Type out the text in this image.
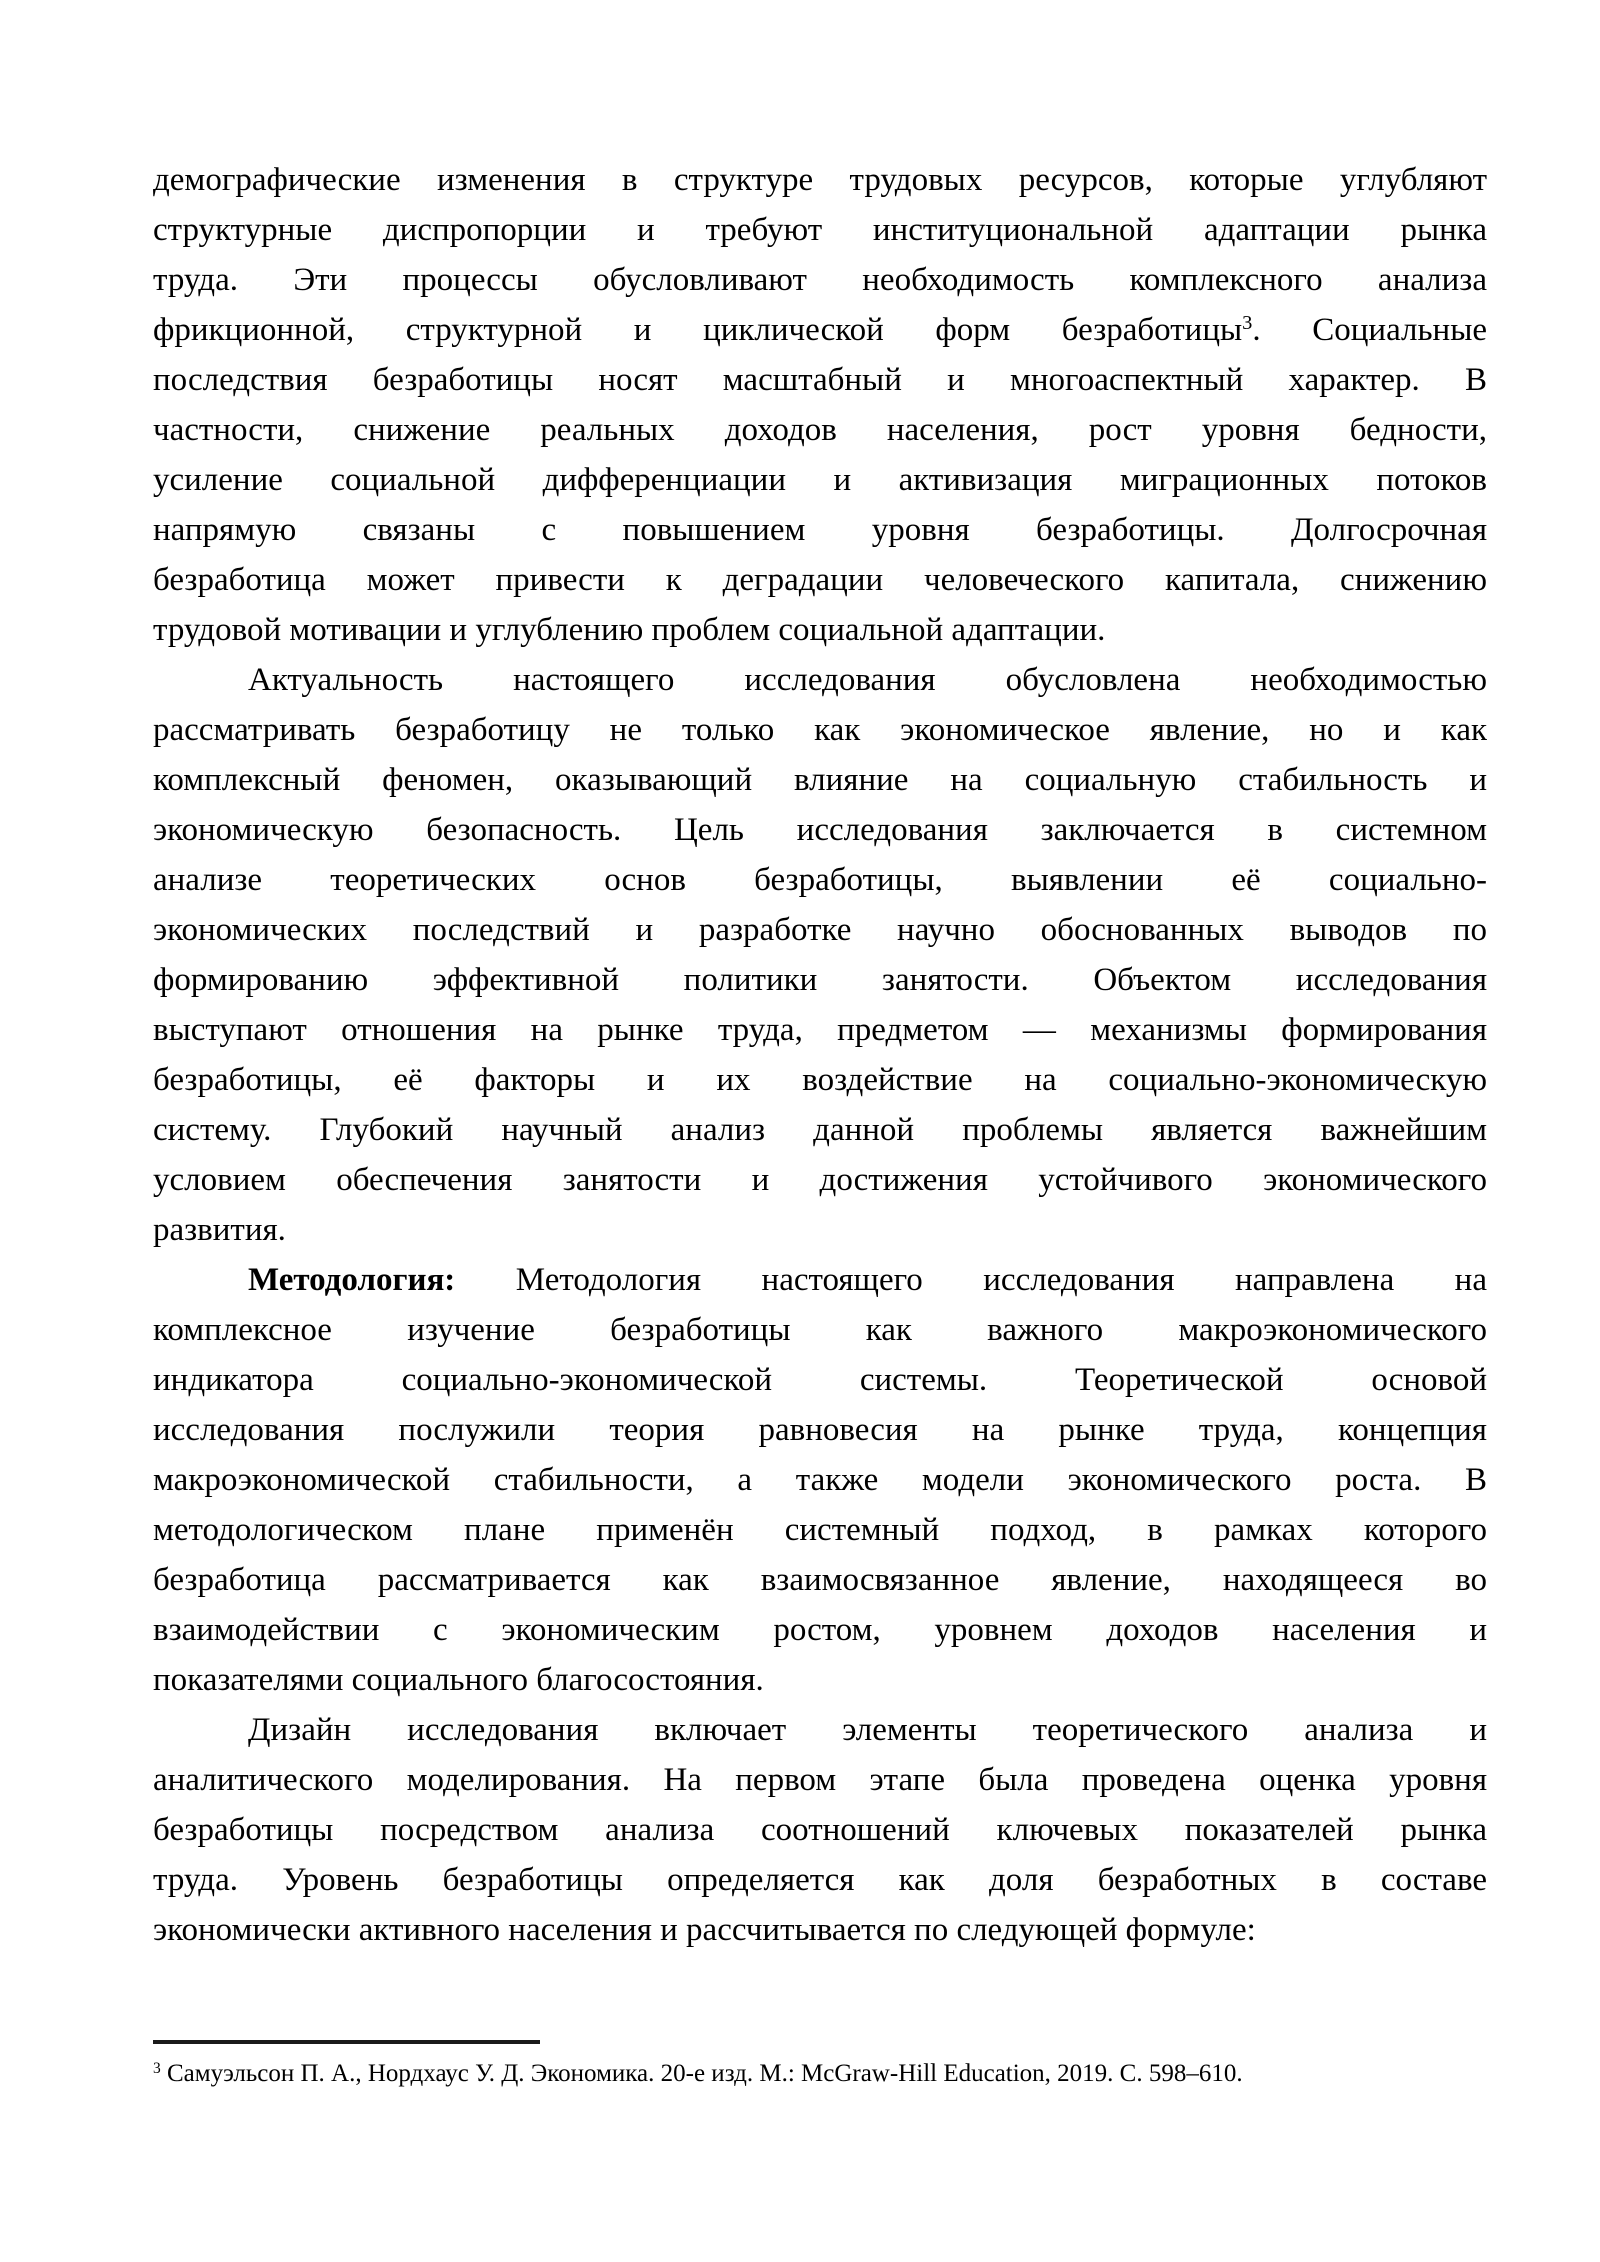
демографические изменения в структуре трудовых ресурсов, которые углубляют
структурные диспропорции и требуют институциональной адаптации рынка
труда. Эти процессы обусловливают необходимость комплексного анализа
фрикционной, структурной и циклической форм безработицы$^3$. Социальные
последствия безработицы носят масштабный и многоаспектный характер. В
частности, снижение реальных доходов населения, рост уровня бедности,
усиление социальной дифференциации и активизация миграционных потоков
напрямую связаны с повышением уровня безработицы. Долгосрочная
безработица может привести к деградации человеческого капитала, снижению
трудовой мотивации и углублению проблем социальной адаптации.
Актуальность настоящего исследования обусловлена необходимостью
рассматривать безработицу не только как экономическое явление, но и как
комплексный феномен, оказывающий влияние на социальную стабильность и
экономическую безопасность. Цель исследования заключается в системном
анализе теоретических основ безработицы, выявлении её социально-
экономических последствий и разработке научно обоснованных выводов по
формированию эффективной политики занятости. Объектом исследования
выступают отношения на рынке труда, предметом — механизмы формирования
безработицы, её факторы и их воздействие на социально-экономическую
систему. Глубокий научный анализ данной проблемы является важнейшим
условием обеспечения занятости и достижения устойчивого экономического
развития.
Методология: Методология настоящего исследования направлена на
комплексное изучение безработицы как важного макроэкономического
индикатора социально-экономической системы. Теоретической основой
исследования послужили теория равновесия на рынке труда, концепция
макроэкономической стабильности, а также модели экономического роста. В
методологическом плане применён системный подход, в рамках которого
безработица рассматривается как взаимосвязанное явление, находящееся во
взаимодействии с экономическим ростом, уровнем доходов населения и
показателями социального благосостояния.
Дизайн исследования включает элементы теоретического анализа и
аналитического моделирования. На первом этапе была проведена оценка уровня
безработицы посредством анализа соотношений ключевых показателей рынка
труда. Уровень безработицы определяется как доля безработных в составе
экономически активного населения и рассчитывается по следующей формуле:

$^3$ Самуэльсон П. А., Нордхаус У. Д. Экономика. 20-е изд. М.: McGraw-Hill Education, 2019. С. 598–610.
